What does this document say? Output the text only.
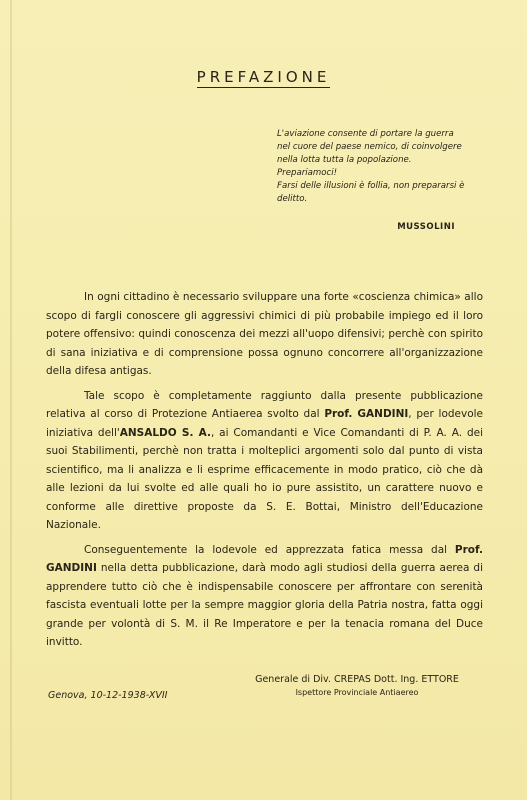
PREFAZIONE

L'aviazione consente di portare la guerra nel cuore del paese nemico, di coinvolgere nella lotta tutta la popolazione.

Prepariamoci!

Farsi delle illusioni è follia, non prepararsi è delitto.

MUSSOLINI

In ogni cittadino è necessario sviluppare una forte «coscienza chimica» allo scopo di fargli conoscere gli aggressivi chimici di più probabile impiego ed il loro potere offensivo: quindi conoscenza dei mezzi all'uopo difensivi; perchè con spirito di sana iniziativa e di comprensione possa ognuno concorrere all'organizzazione della difesa antigas.

Tale scopo è completamente raggiunto dalla presente pubblicazione relativa al corso di Protezione Antiaerea svolto dal Prof. GANDINI, per lodevole iniziativa dell'ANSALDO S. A., ai Comandanti e Vice Comandanti di P. A. A. dei suoi Stabilimenti, perchè non tratta i molteplici argomenti solo dal punto di vista scientifico, ma li analizza e li esprime efficacemente in modo pratico, ciò che dà alle lezioni da lui svolte ed alle quali ho io pure assistito, un carattere nuovo e conforme alle direttive proposte da S. E. Bottai, Ministro dell'Educazione Nazionale.

Conseguentemente la lodevole ed apprezzata fatica messa dal Prof. GANDINI nella detta pubblicazione, darà modo agli studiosi della guerra aerea di apprendere tutto ciò che è indispensabile conoscere per affrontare con serenità fascista eventuali lotte per la sempre maggior gloria della Patria nostra, fatta oggi grande per volontà di S. M. il Re Imperatore e per la tenacia romana del Duce invitto.

Genova, 10-12-1938-XVII
Generale di Div. CREPAS Dott. Ing. ETTORE
Ispettore Provinciale Antiaereo
